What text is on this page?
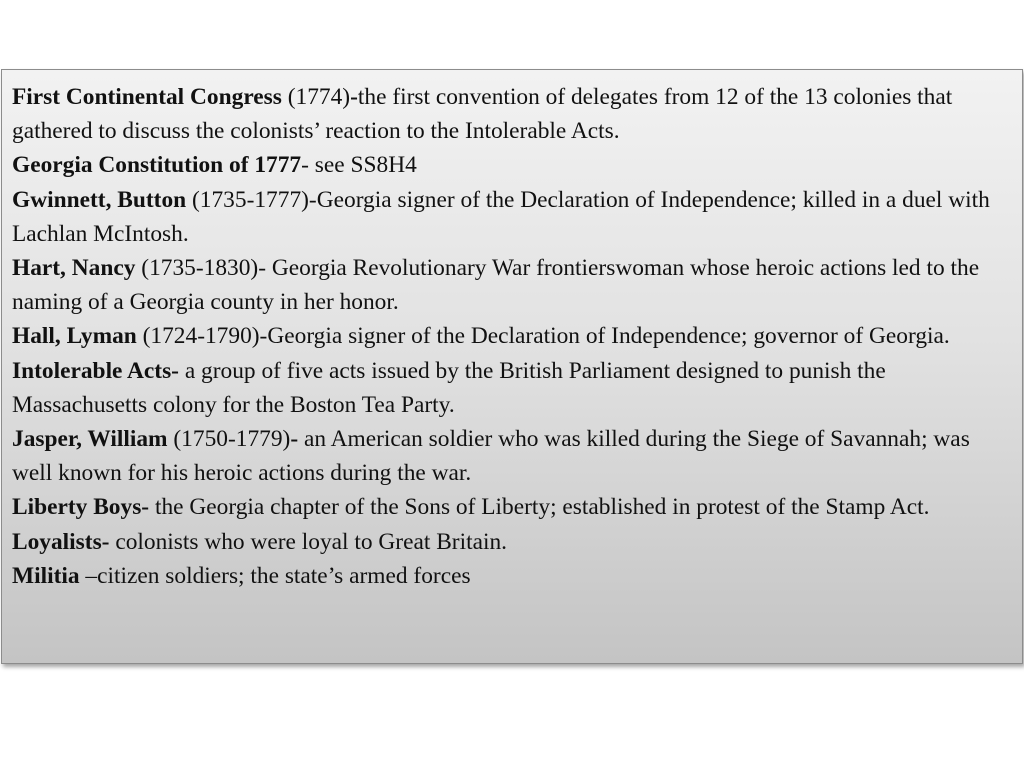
First Continental Congress (1774)-the first convention of delegates from 12 of the 13 colonies that gathered to discuss the colonists’ reaction to the Intolerable Acts.

Georgia Constitution of 1777- see SS8H4

Gwinnett, Button (1735-1777)-Georgia signer of the Declaration of Independence; killed in a duel with Lachlan McIntosh.

Hart, Nancy (1735-1830)- Georgia Revolutionary War frontierswoman whose heroic actions led to the naming of a Georgia county in her honor.

Hall, Lyman (1724-1790)-Georgia signer of the Declaration of Independence; governor of Georgia.

Intolerable Acts- a group of five acts issued by the British Parliament designed to punish the Massachusetts colony for the Boston Tea Party.

Jasper, William (1750-1779)- an American soldier who was killed during the Siege of Savannah; was well known for his heroic actions during the war.

Liberty Boys- the Georgia chapter of the Sons of Liberty; established in protest of the Stamp Act.

Loyalists- colonists who were loyal to Great Britain.

Militia –citizen soldiers; the state’s armed forces
